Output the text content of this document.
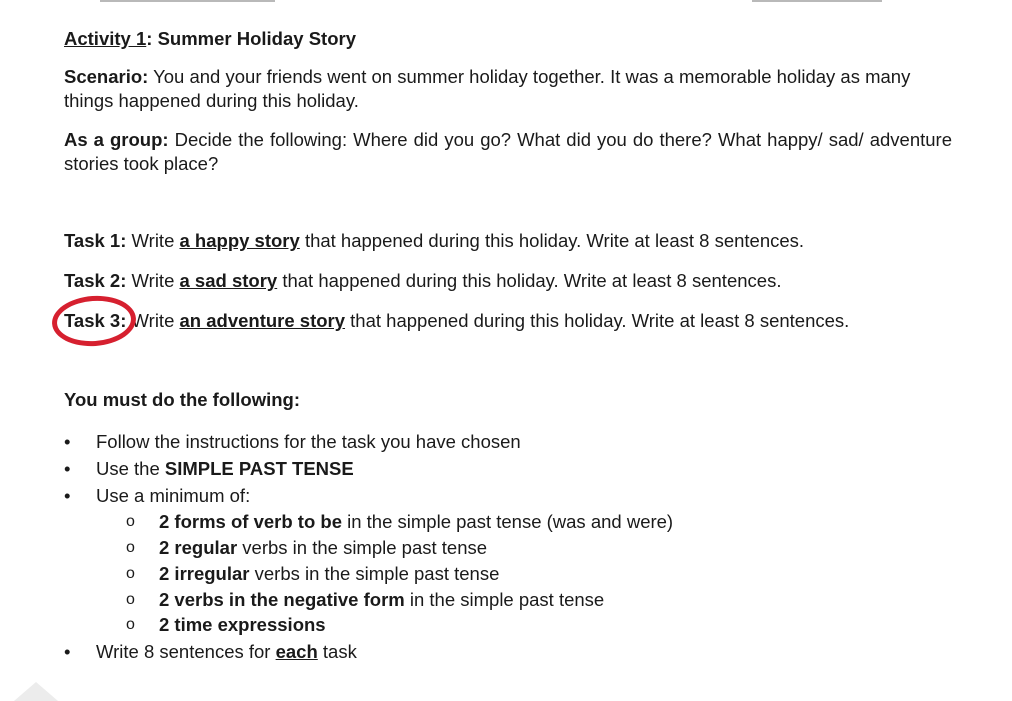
Activity 1: Summer Holiday Story
Scenario: You and your friends went on summer holiday together. It was a memorable holiday as many things happened during this holiday.
As a group: Decide the following: Where did you go? What did you do there? What happy/ sad/ adventure stories took place?
Task 1: Write a happy story that happened during this holiday. Write at least 8 sentences.
Task 2: Write a sad story that happened during this holiday. Write at least 8 sentences.
Task 3: Write an adventure story that happened during this holiday. Write at least 8 sentences.
You must do the following:
• Follow the instructions for the task you have chosen
• Use the SIMPLE PAST TENSE
• Use a minimum of:
o 2 forms of verb to be in the simple past tense (was and were)
o 2 regular verbs in the simple past tense
o 2 irregular verbs in the simple past tense
o 2 verbs in the negative form in the simple past tense
o 2 time expressions
• Write 8 sentences for each task
